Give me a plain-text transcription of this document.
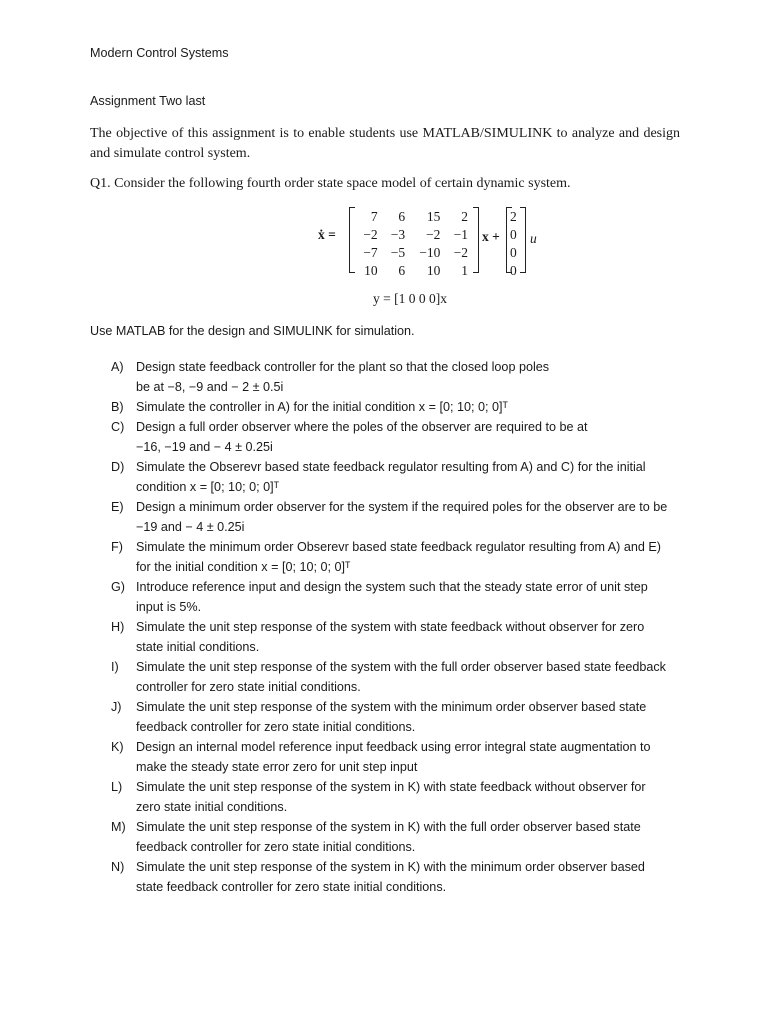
Modern Control Systems
Assignment Two last
The objective of this assignment is to enable students use MATLAB/SIMULINK to analyze and design and simulate control system.
Q1. Consider the following fourth order state space model of certain dynamic system.
ẋ =
7	6	15	2
−2	−3	−2	−1
−7	−5	−10	−2
10	6	10	1
x +
2
0
0
0
u
y = [1 0 0 0]x
Use MATLAB for the design and SIMULINK for simulation.
A) Design state feedback controller for the plant so that the closed loop poles
be at −8, −9 and − 2 ± 0.5i
B) Simulate the controller in A) for the initial condition x = [0; 10; 0; 0]ᵀ
C) Design a full order observer where the poles of the observer are required to be at
−16, −19 and − 4 ± 0.25i
D) Simulate the Obserevr based state feedback regulator resulting from A) and C) for the initial
condition x = [0; 10; 0; 0]ᵀ
E) Design a minimum order observer for the system if the required poles for the observer are to be
−19 and − 4 ± 0.25i
F) Simulate the minimum order Obserevr based state feedback regulator resulting from A) and E)
for the initial condition x = [0; 10; 0; 0]ᵀ
G) Introduce reference input and design the system such that the steady state error of unit step
input is 5%.
H) Simulate the unit step response of the system with state feedback without observer for zero
state initial conditions.
I) Simulate the unit step response of the system with the full order observer based state feedback
controller for zero state initial conditions.
J) Simulate the unit step response of the system with the minimum order observer based state
feedback controller for zero state initial conditions.
K) Design an internal model reference input feedback using error integral state augmentation to
make the steady state error zero for unit step input
L) Simulate the unit step response of the system in K) with state feedback without observer for
zero state initial conditions.
M) Simulate the unit step response of the system in K) with the full order observer based state
feedback controller for zero state initial conditions.
N) Simulate the unit step response of the system in K) with the minimum order observer based
state feedback controller for zero state initial conditions.
